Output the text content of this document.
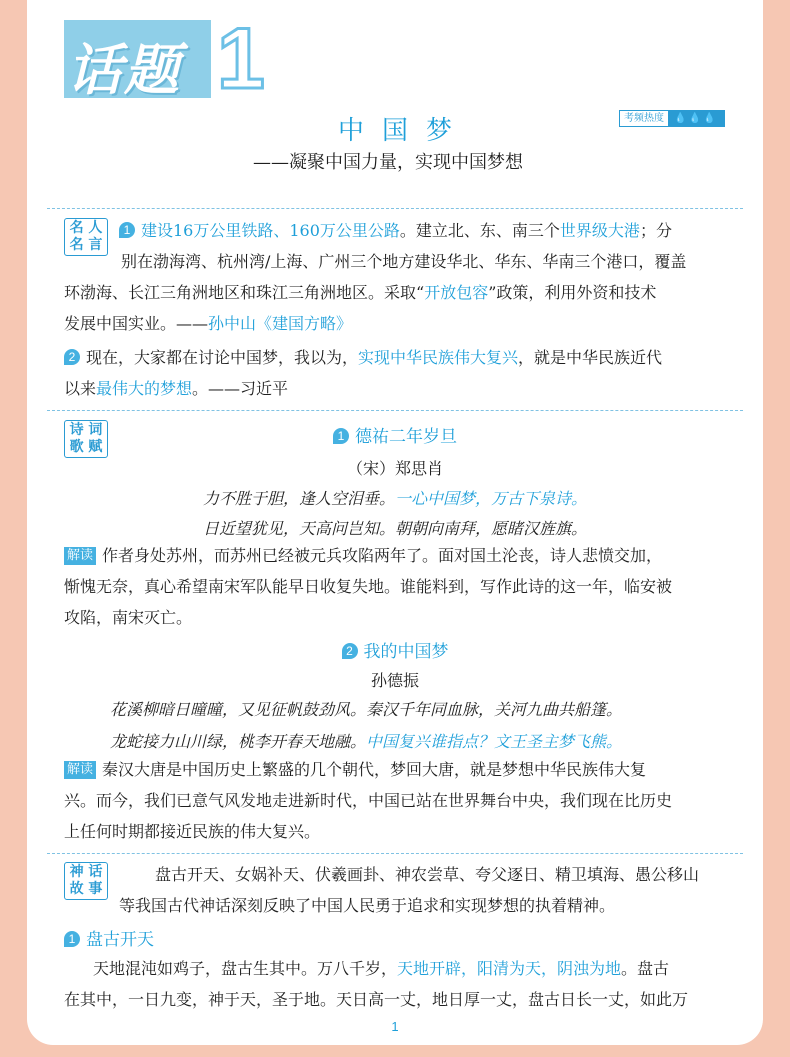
话题 1
中国梦	考频热度	💧💧💧
——凝聚中国力量，实现中国梦想
名 人
名 言
1 建设16万公里铁路、160万公里公路。建立北、东、南三个世界级大港；分
别在渤海湾、杭州湾/上海、广州三个地方建设华北、华东、华南三个港口，覆盖
环渤海、长江三角洲地区和珠江三角洲地区。采取“开放包容”政策，利用外资和技术
发展中国实业。——孙中山《建国方略》
2 现在，大家都在讨论中国梦，我以为，实现中华民族伟大复兴，就是中华民族近代
以来最伟大的梦想。——习近平
诗 词
歌 赋
1 德祐二年岁旦
（宋）郑思肖
力不胜于胆，逢人空泪垂。一心中国梦，万古下泉诗。
日近望犹见，天高问岂知。朝朝向南拜，愿睹汉旌旗。
解读 作者身处苏州，而苏州已经被元兵攻陷两年了。面对国土沦丧，诗人悲愤交加，
惭愧无奈，真心希望南宋军队能早日收复失地。谁能料到，写作此诗的这一年，临安被
攻陷，南宋灭亡。
2 我的中国梦
孙德振
花溪柳暗日曈曈，又见征帆鼓劲风。秦汉千年同血脉，关河九曲共船篷。
龙蛇接力山川绿，桃李开春天地融。中国复兴谁指点？文王圣主梦飞熊。
解读 秦汉大唐是中国历史上繁盛的几个朝代，梦回大唐，就是梦想中华民族伟大复
兴。而今，我们已意气风发地走进新时代，中国已站在世界舞台中央，我们现在比历史
上任何时期都接近民族的伟大复兴。
神 话
故 事
盘古开天、女娲补天、伏羲画卦、神农尝草、夸父逐日、精卫填海、愚公移山
等我国古代神话深刻反映了中国人民勇于追求和实现梦想的执着精神。
1 盘古开天
天地混沌如鸡子，盘古生其中。万八千岁，天地开辟，阳清为天，阴浊为地。盘古
在其中，一日九变，神于天，圣于地。天日高一丈，地日厚一丈，盘古日长一丈，如此万
1
